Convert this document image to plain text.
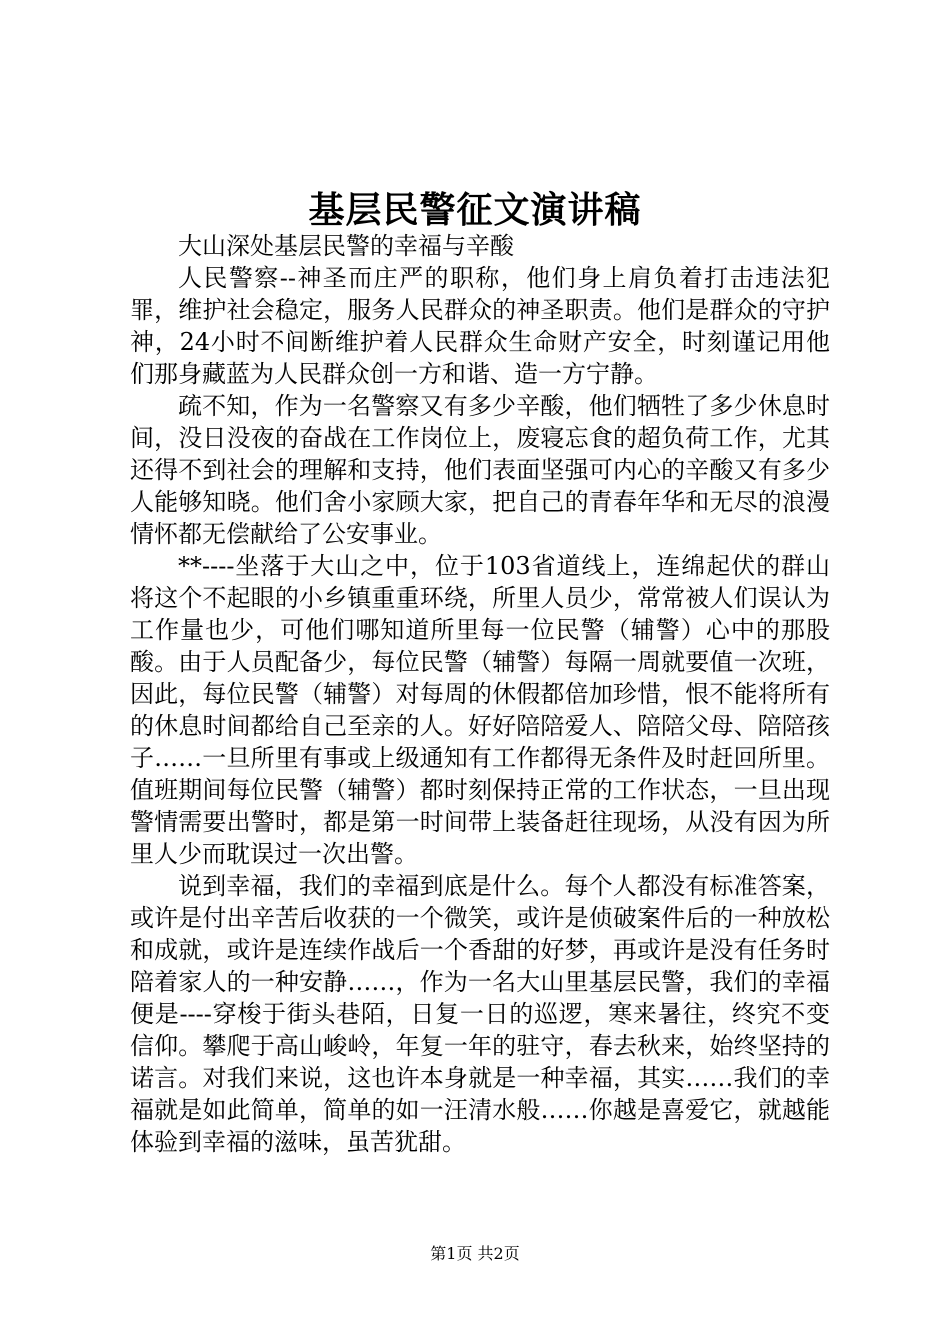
基层民警征文演讲稿

大山深处基层民警的幸福与辛酸

人民警察--神圣而庄严的职称，他们身上肩负着打击违法犯罪，维护社会稳定，服务人民群众的神圣职责。他们是群众的守护神，24小时不间断维护着人民群众生命财产安全，时刻谨记用他们那身藏蓝为人民群众创一方和谐、造一方宁静。

疏不知，作为一名警察又有多少辛酸，他们牺牲了多少休息时间，没日没夜的奋战在工作岗位上，废寝忘食的超负荷工作，尤其还得不到社会的理解和支持，他们表面坚强可内心的辛酸又有多少人能够知晓。他们舍小家顾大家，把自己的青春年华和无尽的浪漫情怀都无偿献给了公安事业。

**----坐落于大山之中，位于103省道线上，连绵起伏的群山将这个不起眼的小乡镇重重环绕，所里人员少，常常被人们误认为工作量也少，可他们哪知道所里每一位民警（辅警）心中的那股酸。由于人员配备少，每位民警（辅警）每隔一周就要值一次班，因此，每位民警（辅警）对每周的休假都倍加珍惜，恨不能将所有的休息时间都给自己至亲的人。好好陪陪爱人、陪陪父母、陪陪孩子……一旦所里有事或上级通知有工作都得无条件及时赶回所里。值班期间每位民警（辅警）都时刻保持正常的工作状态，一旦出现警情需要出警时，都是第一时间带上装备赶往现场，从没有因为所里人少而耽误过一次出警。

说到幸福，我们的幸福到底是什么。每个人都没有标准答案，或许是付出辛苦后收获的一个微笑，或许是侦破案件后的一种放松和成就，或许是连续作战后一个香甜的好梦，再或许是没有任务时陪着家人的一种安静……，作为一名大山里基层民警，我们的幸福便是----穿梭于街头巷陌，日复一日的巡逻，寒来暑往，终究不变信仰。攀爬于高山峻岭，年复一年的驻守，春去秋来，始终坚持的诺言。对我们来说，这也许本身就是一种幸福，其实……我们的幸福就是如此简单，简单的如一汪清水般……你越是喜爱它，就越能体验到幸福的滋味，虽苦犹甜。

第1页 共2页
